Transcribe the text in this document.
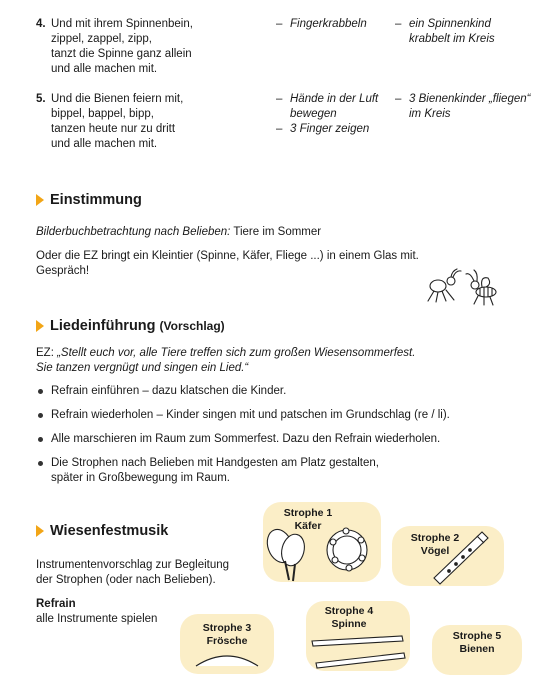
4. Und mit ihrem Spinnenbein,
zippel, zappel, zipp,
tanzt die Spinne ganz allein
und alle machen mit.
– Fingerkrabbeln – ein Spinnenkind
krabbelt im Kreis
5. Und die Bienen feiern mit,
bippel, bappel, bipp,
tanzen heute nur zu dritt
und alle machen mit.
– Hände in der Luft
bewegen
– 3 Finger zeigen
– 3 Bienenkinder „fliegen“
im Kreis
Einstimmung
Bilderbuchbetrachtung nach Belieben: Tiere im Sommer
Oder die EZ bringt ein Kleintier (Spinne, Käfer, Fliege ...) in einem Glas mit.
Gespräch!
Liedeinführung (Vorschlag)
EZ: „Stellt euch vor, alle Tiere treffen sich zum großen Wiesensommerfest.
Sie tanzen vergnügt und singen ein Lied.“
Refrain einführen – dazu klatschen die Kinder.
Refrain wiederholen – Kinder singen mit und patschen im Grundschlag (re / li).
Alle marschieren im Raum zum Sommerfest. Dazu den Refrain wiederholen.
Die Strophen nach Belieben mit Handgesten am Platz gestalten,
später in Großbewegung im Raum.
Wiesenfestmusik
Instrumentenvorschlag zur Begleitung
der Strophen (oder nach Belieben).
Refrain
alle Instrumente spielen
Strophe 1
Käfer
Strophe 2
Vögel
Strophe 3
Frösche
Strophe 4
Spinne
Strophe 5
Bienen
